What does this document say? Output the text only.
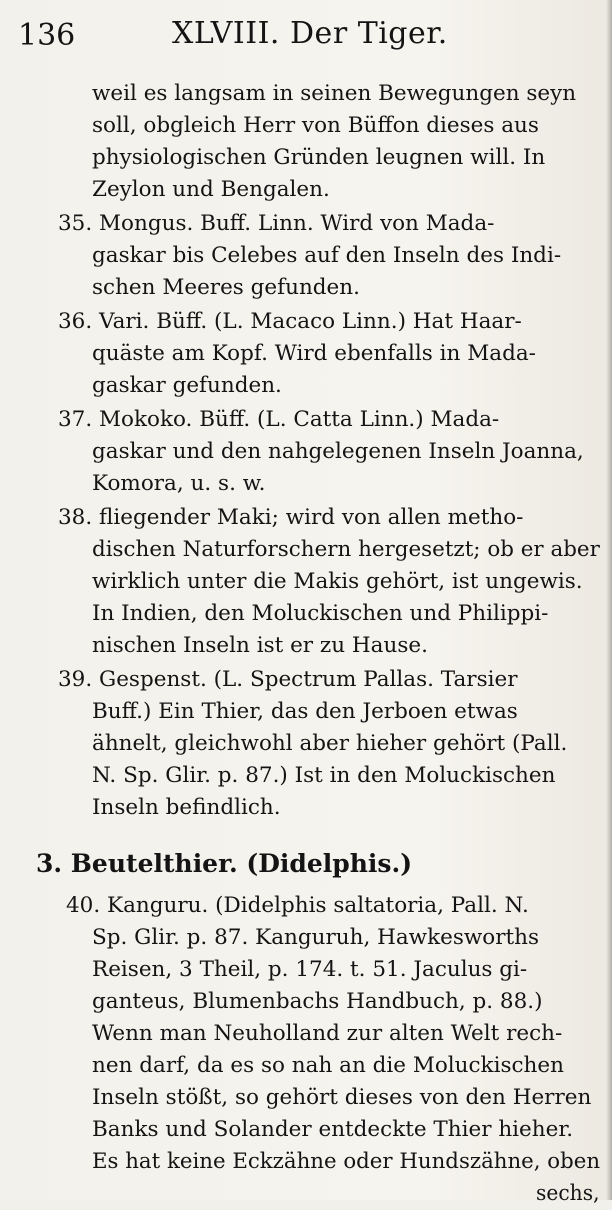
136	XLVIII. Der Tiger.
weil es langsam in seinen Bewegungen seyn
soll, obgleich Herr von Büffon dieses aus
physiologischen Gründen leugnen will. In
Zeylon und Bengalen.
35. Mongus. Buff. Linn. Wird von Mada-
gaskar bis Celebes auf den Inseln des Indi-
schen Meeres gefunden.
36. Vari. Büff. (L. Macaco Linn.) Hat Haar-
quäste am Kopf. Wird ebenfalls in Mada-
gaskar gefunden.
37. Mokoko. Büff. (L. Catta Linn.) Mada-
gaskar und den nahgelegenen Inseln Joanna,
Komora, u. s. w.
38. fliegender Maki; wird von allen metho-
dischen Naturforschern hergesetzt; ob er aber
wirklich unter die Makis gehört, ist ungewis.
In Indien, den Moluckischen und Philippi-
nischen Inseln ist er zu Hause.
39. Gespenst. (L. Spectrum Pallas. Tarsier
Buff.) Ein Thier, das den Jerboen etwas
ähnelt, gleichwohl aber hieher gehört (Pall.
N. Sp. Glir. p. 87.) Ist in den Moluckischen
Inseln befindlich.
3. Beutelthier. (Didelphis.)
40. Kanguru. (Didelphis saltatoria, Pall. N.
Sp. Glir. p. 87. Kanguruh, Hawkesworths
Reisen, 3 Theil, p. 174. t. 51. Jaculus gi-
ganteus, Blumenbachs Handbuch, p. 88.)
Wenn man Neuholland zur alten Welt rech-
nen darf, da es so nah an die Moluckischen
Inseln stößt, so gehört dieses von den Herren
Banks und Solander entdeckte Thier hieher.
Es hat keine Eckzähne oder Hundszähne, oben
sechs,
